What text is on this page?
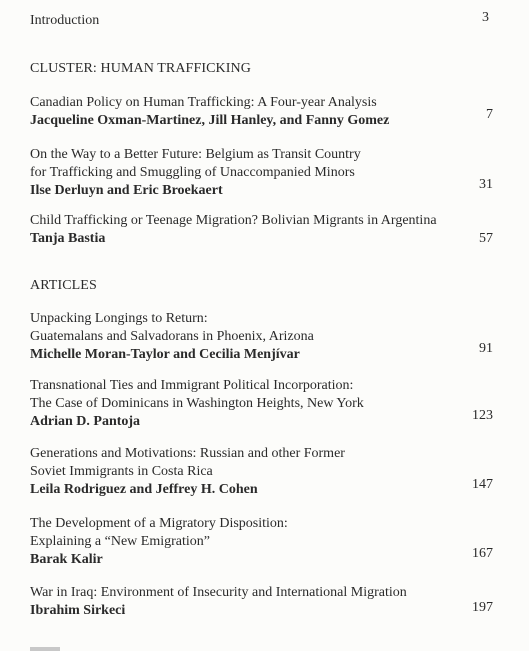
Introduction	3
CLUSTER: HUMAN TRAFFICKING
Canadian Policy on Human Trafficking: A Four-year Analysis
Jacqueline Oxman-Martinez, Jill Hanley, and Fanny Gomez	7
On the Way to a Better Future: Belgium as Transit Country
for Trafficking and Smuggling of Unaccompanied Minors
Ilse Derluyn and Eric Broekaert	31
Child Trafficking or Teenage Migration? Bolivian Migrants in Argentina
Tanja Bastia	57
ARTICLES
Unpacking Longings to Return:
Guatemalans and Salvadorans in Phoenix, Arizona
Michelle Moran-Taylor and Cecilia Menjívar	91
Transnational Ties and Immigrant Political Incorporation:
The Case of Dominicans in Washington Heights, New York
Adrian D. Pantoja	123
Generations and Motivations: Russian and other Former
Soviet Immigrants in Costa Rica
Leila Rodriguez and Jeffrey H. Cohen	147
The Development of a Migratory Disposition:
Explaining a “New Emigration”
Barak Kalir	167
War in Iraq: Environment of Insecurity and International Migration
Ibrahim Sirkeci	197
